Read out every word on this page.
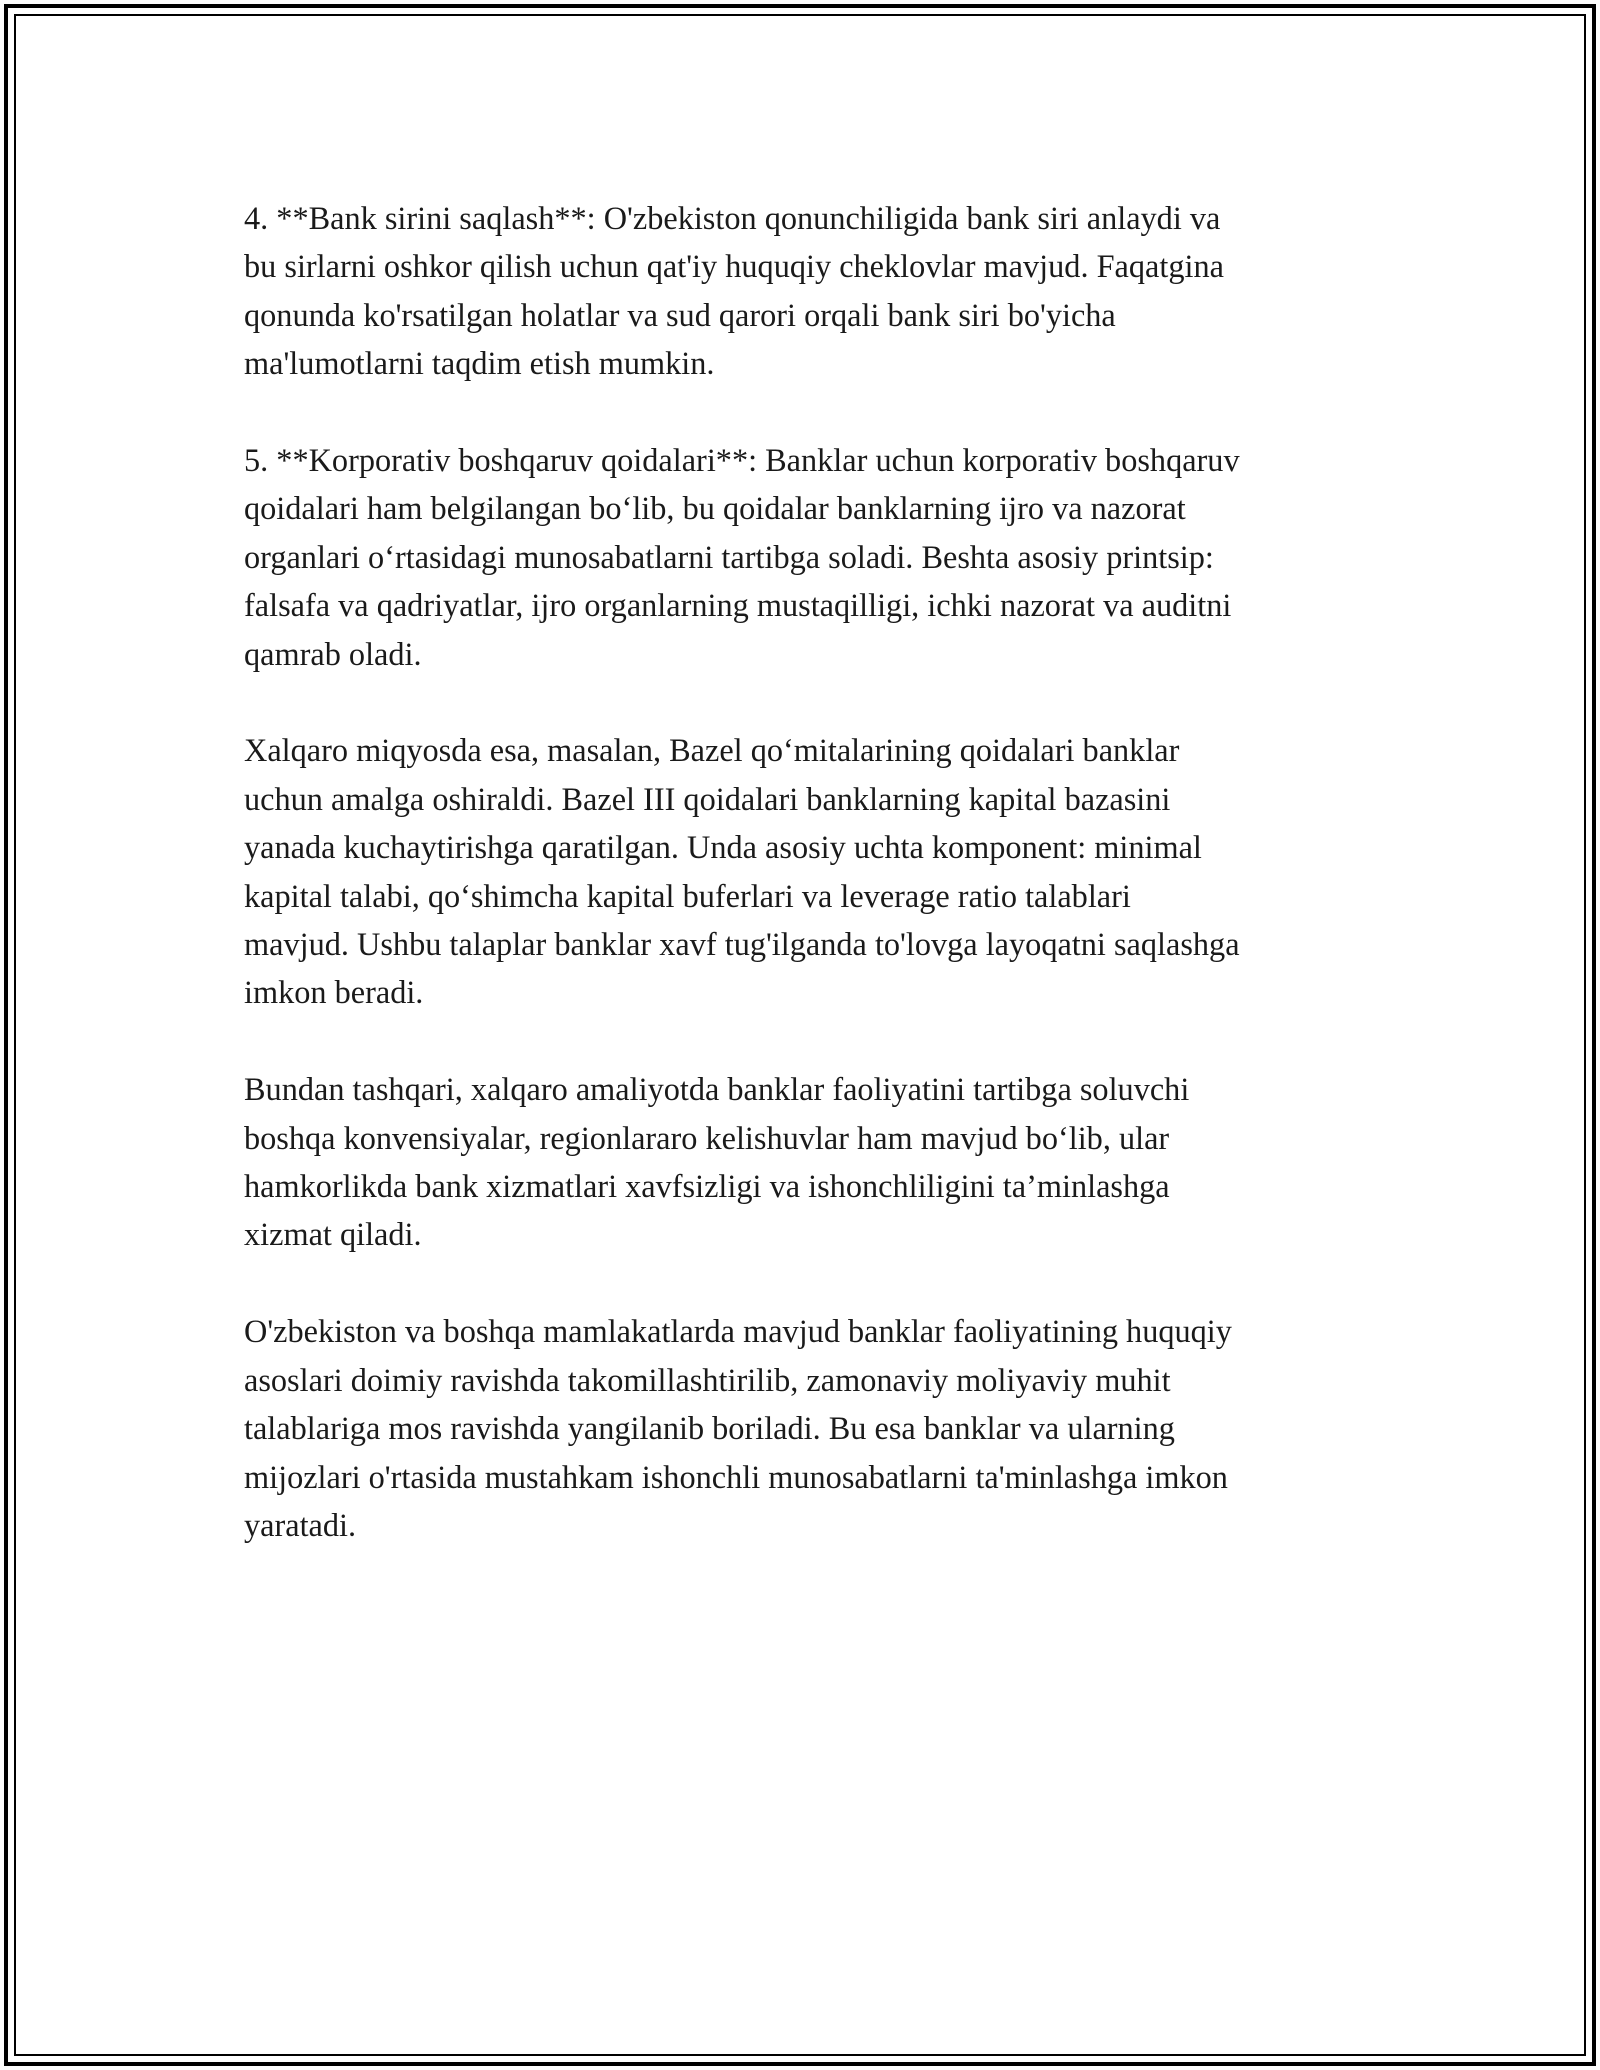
4. **Bank sirini saqlash**: O'zbekiston qonunchiligida bank siri anlaydi va
bu sirlarni oshkor qilish uchun qat'iy huquqiy cheklovlar mavjud. Faqatgina
qonunda ko'rsatilgan holatlar va sud qarori orqali bank siri bo'yicha
ma'lumotlarni taqdim etish mumkin.

5. **Korporativ boshqaruv qoidalari**: Banklar uchun korporativ boshqaruv
qoidalari ham belgilangan bo‘lib, bu qoidalar banklarning ijro va nazorat
organlari o‘rtasidagi munosabatlarni tartibga soladi. Beshta asosiy printsip:
falsafa va qadriyatlar, ijro organlarning mustaqilligi, ichki nazorat va auditni
qamrab oladi.

Xalqaro miqyosda esa, masalan, Bazel qo‘mitalarining qoidalari banklar
uchun amalga oshiraldi. Bazel III qoidalari banklarning kapital bazasini
yanada kuchaytirishga qaratilgan. Unda asosiy uchta komponent: minimal
kapital talabi, qo‘shimcha kapital buferlari va leverage ratio talablari
mavjud. Ushbu talaplar banklar xavf tug'ilganda to'lovga layoqatni saqlashga
imkon beradi.

Bundan tashqari, xalqaro amaliyotda banklar faoliyatini tartibga soluvchi
boshqa konvensiyalar, regionlararo kelishuvlar ham mavjud bo‘lib, ular
hamkorlikda bank xizmatlari xavfsizligi va ishonchliligini ta’minlashga
xizmat qiladi.

O'zbekiston va boshqa mamlakatlarda mavjud banklar faoliyatining huquqiy
asoslari doimiy ravishda takomillashtirilib, zamonaviy moliyaviy muhit
talablariga mos ravishda yangilanib boriladi. Bu esa banklar va ularning
mijozlari o'rtasida mustahkam ishonchli munosabatlarni ta'minlashga imkon
yaratadi.
